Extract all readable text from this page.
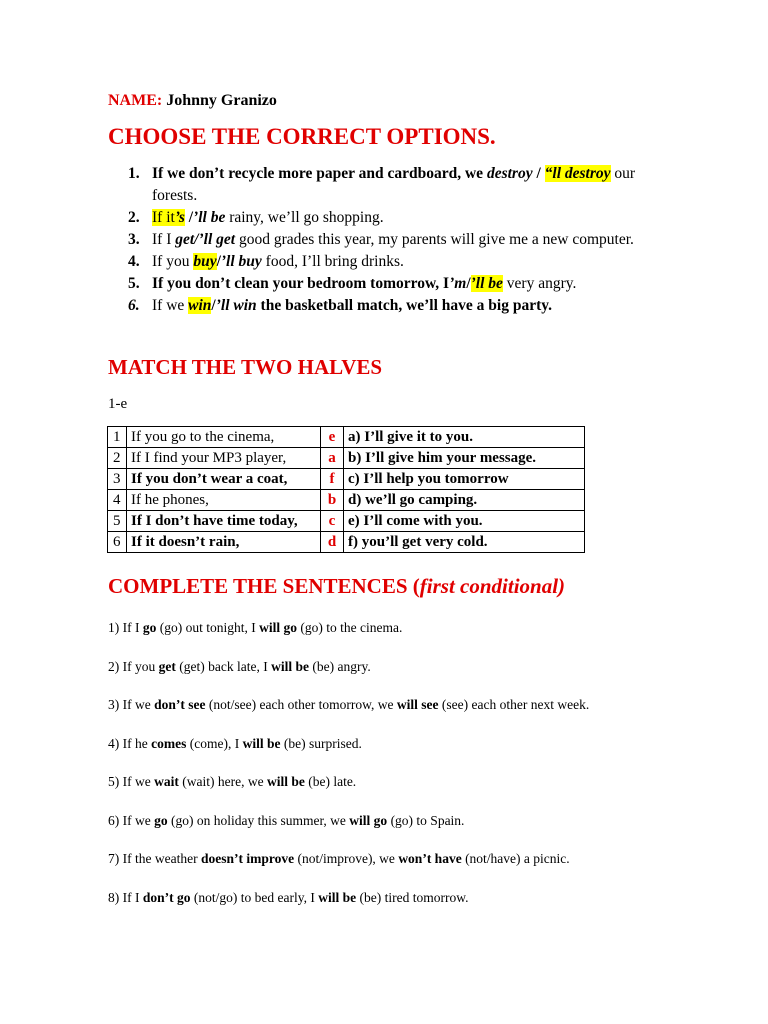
NAME: Johnny Granizo
CHOOSE THE CORRECT OPTIONS.
1. If we don’t recycle more paper and cardboard, we destroy / “ll destroy our forests.
2. If it’s /’ll be rainy, we’ll go shopping.
3. If I get/’ll get good grades this year, my parents will give me a new computer.
4. If you buy/’ll buy food, I’ll bring drinks.
5. If you don’t clean your bedroom tomorrow, I’m/’ll be very angry.
6. If we win/’ll win the basketball match, we’ll have a big party.
MATCH THE TWO HALVES
1-e
1	If you go to the cinema,	e	a) I’ll give it to you.
2	If I find your MP3 player,	a	b) I’ll give him your message.
3	If you don’t wear a coat,	f	c) I’ll help you tomorrow
4	If he phones,	b	d) we’ll go camping.
5	If I don’t have time today,	c	e) I’ll come with you.
6	If it doesn’t rain,	d	f) you’ll get very cold.
COMPLETE THE SENTENCES (first conditional)
1) If I go (go) out tonight, I will go (go) to the cinema.
2) If you get (get) back late, I will be (be) angry.
3) If we don’t see (not/see) each other tomorrow, we will see (see) each other next week.
4) If he comes (come), I will be (be) surprised.
5) If we wait (wait) here, we will be (be) late.
6) If we go (go) on holiday this summer, we will go (go) to Spain.
7) If the weather doesn’t improve (not/improve), we won’t have (not/have) a picnic.
8) If I don’t go (not/go) to bed early, I will be (be) tired tomorrow.
